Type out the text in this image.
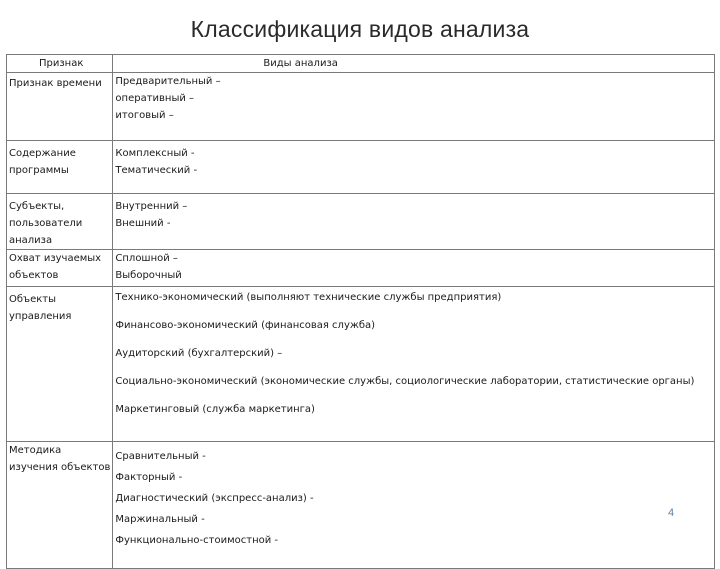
Классификация видов анализа
Признак	Виды анализа

Признак времени	Предварительный –
оперативный –
итоговый –

Содержание
программы	Комплексный -
Тематический -

Субъекты,
пользователи
анализа	Внутренний –
Внешний -

Охват изучаемых
объектов	Сплошной –
Выборочный

Объекты
управления	Технико-экономический (выполняют технические службы предприятия)
Финансово-экономический (финансовая служба)
Аудиторский (бухгалтерский) –
Социально-экономический (экономические службы, социологические лаборатории, статистические органы)
Маркетинговый (служба маркетинга)

Методика
изучения объектов	Сравнительный -
Факторный -
Диагностический (экспресс-анализ) -
Маржинальный -
Функционально-стоимостной -
4
